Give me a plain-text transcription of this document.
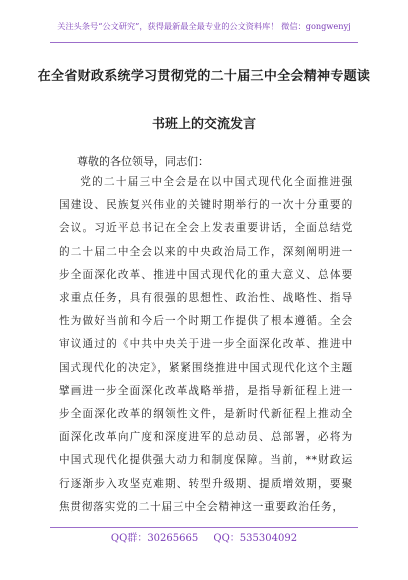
关注头条号“公文研究”，获得最新最全最专业的公文资料库！ 微信：gongwenyj
在全省财政系统学习贯彻党的二十届三中全会精神专题读
书班上的交流发言
尊敬的各位领导，同志们：
党的二十届三中全会是在以中国式现代化全面推进强国建设、民族复兴伟业的关键时期举行的一次十分重要的会议。习近平总书记在全会上发表重要讲话，全面总结党的二十届二中全会以来的中央政治局工作，深刻阐明进一步全面深化改革、推进中国式现代化的重大意义、总体要求重点任务，具有很强的思想性、政治性、战略性、指导性为做好当前和今后一个时期工作提供了根本遵循。全会审议通过的《中共中央关于进一步全面深化改革、推进中国式现代化的决定》，紧紧围绕推进中国式现代化这个主题擘画进一步全面深化改革战略举措，是指导新征程上进一步全面深化改革的纲领性文件，是新时代新征程上推动全面深化改革向广度和深度进军的总动员、总部署，必将为中国式现代化提供强大动力和制度保障。当前，**财政运行逐渐步入攻坚克难期、转型升级期、提质增效期，要聚焦贯彻落实党的二十届三中全会精神这一重要政治任务，
QQ群：30265665 QQ：535304092
